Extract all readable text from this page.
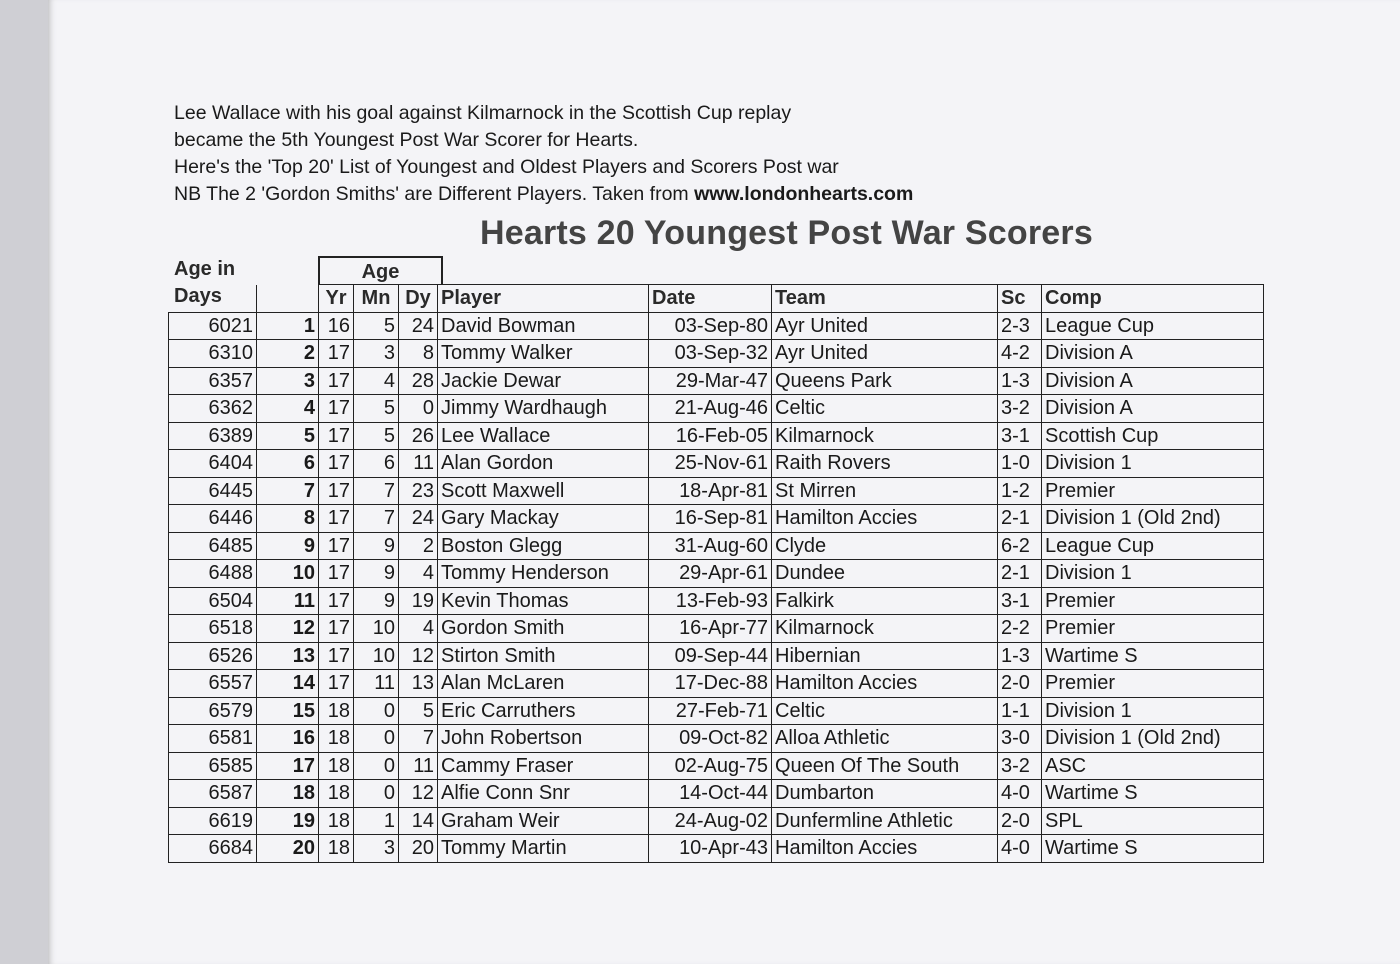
Lee Wallace with his goal against Kilmarnock in the Scottish Cup replay
became the 5th Youngest Post War Scorer for Hearts.
Here's the 'Top 20' List of Youngest and Oldest Players and Scorers Post war
NB The 2 'Gordon Smiths' are Different Players. Taken from www.londonhearts.com
Hearts 20 Youngest Post War Scorers
Age in
Days
Age
		Yr	Mn	Dy	Player	Date	Team	Sc	Comp
6021	1	16	5	24	David Bowman	03-Sep-80	Ayr United	2-3	League Cup
6310	2	17	3	8	Tommy Walker	03-Sep-32	Ayr United	4-2	Division A
6357	3	17	4	28	Jackie Dewar	29-Mar-47	Queens Park	1-3	Division A
6362	4	17	5	0	Jimmy Wardhaugh	21-Aug-46	Celtic	3-2	Division A
6389	5	17	5	26	Lee Wallace	16-Feb-05	Kilmarnock	3-1	Scottish Cup
6404	6	17	6	11	Alan Gordon	25-Nov-61	Raith Rovers	1-0	Division 1
6445	7	17	7	23	Scott Maxwell	18-Apr-81	St Mirren	1-2	Premier
6446	8	17	7	24	Gary Mackay	16-Sep-81	Hamilton Accies	2-1	Division 1 (Old 2nd)
6485	9	17	9	2	Boston Glegg	31-Aug-60	Clyde	6-2	League Cup
6488	10	17	9	4	Tommy Henderson	29-Apr-61	Dundee	2-1	Division 1
6504	11	17	9	19	Kevin Thomas	13-Feb-93	Falkirk	3-1	Premier
6518	12	17	10	4	Gordon Smith	16-Apr-77	Kilmarnock	2-2	Premier
6526	13	17	10	12	Stirton Smith	09-Sep-44	Hibernian	1-3	Wartime S
6557	14	17	11	13	Alan McLaren	17-Dec-88	Hamilton Accies	2-0	Premier
6579	15	18	0	5	Eric Carruthers	27-Feb-71	Celtic	1-1	Division 1
6581	16	18	0	7	John Robertson	09-Oct-82	Alloa Athletic	3-0	Division 1 (Old 2nd)
6585	17	18	0	11	Cammy Fraser	02-Aug-75	Queen Of The South	3-2	ASC
6587	18	18	0	12	Alfie Conn Snr	14-Oct-44	Dumbarton	4-0	Wartime S
6619	19	18	1	14	Graham Weir	24-Aug-02	Dunfermline Athletic	2-0	SPL
6684	20	18	3	20	Tommy Martin	10-Apr-43	Hamilton Accies	4-0	Wartime S
